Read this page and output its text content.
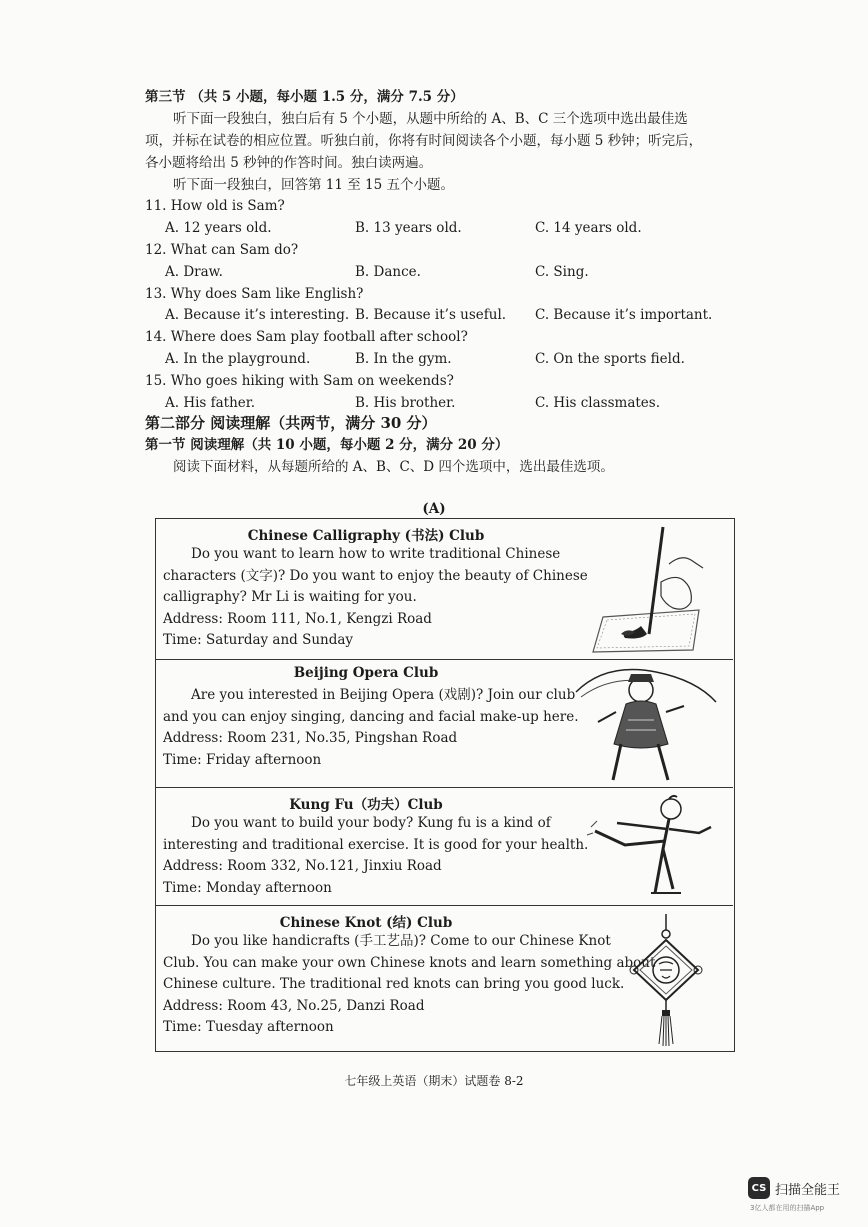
第三节 （共 5 小题，每小题 1.5 分，满分 7.5 分）
听下面一段独白，独白后有 5 个小题，从题中所给的 A、B、C 三个选项中选出最佳选
项，并标在试卷的相应位置。听独白前，你将有时间阅读各个小题，每小题 5 秒钟；听完后，
各小题将给出 5 秒钟的作答时间。独白读两遍。
听下面一段独白，回答第 11 至 15 五个小题。
11. How old is Sam?
A. 12 years old.	B. 13 years old.	C. 14 years old.
12. What can Sam do?
A. Draw.	B. Dance.	C. Sing.
13. Why does Sam like English?
A. Because it’s interesting. B. Because it’s useful. C. Because it’s important.
14. Where does Sam play football after school?
A. In the playground.	B. In the gym.	C. On the sports field.
15. Who goes hiking with Sam on weekends?
A. His father.	B. His brother.	C. His classmates.
第二部分 阅读理解（共两节，满分 30 分）
第一节 阅读理解（共 10 小题，每小题 2 分，满分 20 分）
阅读下面材料，从每题所给的 A、B、C、D 四个选项中，选出最佳选项。
(A)
Chinese Calligraphy (书法) Club
Do you want to learn how to write traditional Chinese
characters (文字)? Do you want to enjoy the beauty of Chinese
calligraphy? Mr Li is waiting for you.
Address: Room 111, No.1, Kengzi Road
Time: Saturday and Sunday
Beijing Opera Club
Are you interested in Beijing Opera (戏剧)? Join our club
and you can enjoy singing, dancing and facial make-up here.
Address: Room 231, No.35, Pingshan Road
Time: Friday afternoon
Kung Fu（功夫）Club
Do you want to build your body? Kung fu is a kind of
interesting and traditional exercise. It is good for your health.
Address: Room 332, No.121, Jinxiu Road
Time: Monday afternoon
Chinese Knot (结) Club
Do you like handicrafts (手工艺品)? Come to our Chinese Knot
Club. You can make your own Chinese knots and learn something about
Chinese culture. The traditional red knots can bring you good luck.
Address: Room 43, No.25, Danzi Road
Time: Tuesday afternoon
七年级上英语（期末）试题卷 8-2
CS 扫描全能王
3亿人都在用的扫描App
